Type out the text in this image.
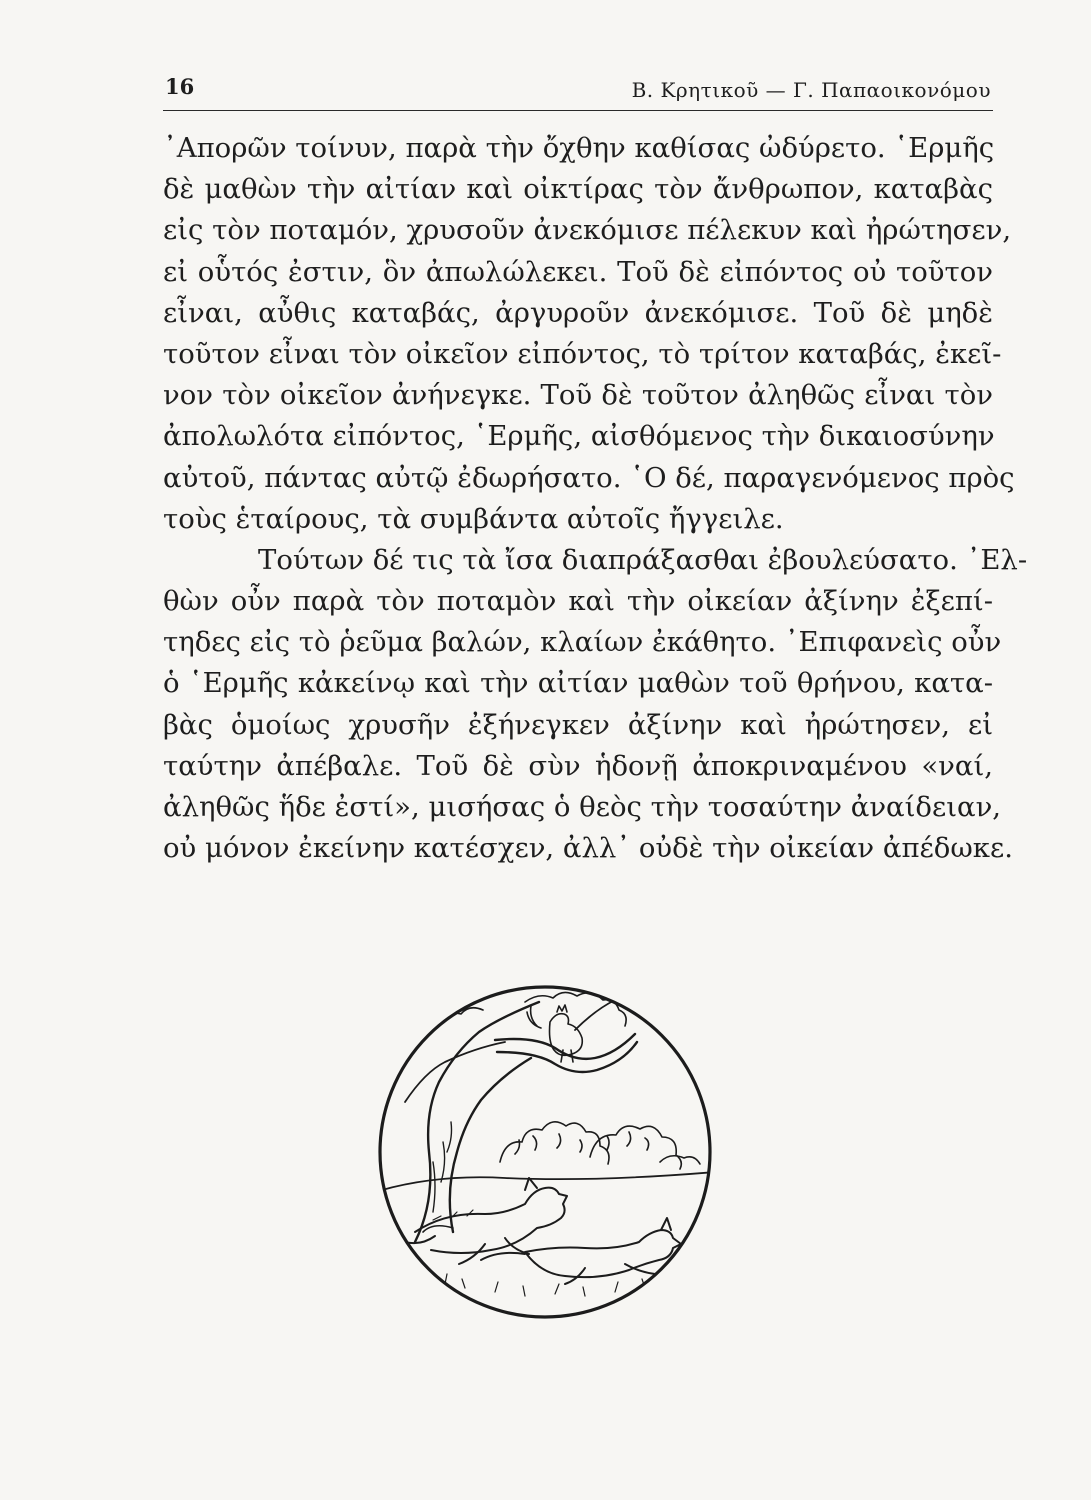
16	Β. Κρητικοῦ — Γ. Παπαοικονόμου
᾿Απορῶν τοίνυν, παρὰ τὴν ὄχθην καθίσας ὠδύρετο. ῾Ερμῆς
δὲ μαθὼν τὴν αἰτίαν καὶ οἰκτίρας τὸν ἄνθρωπον, καταβὰς
εἰς τὸν ποταμόν, χρυσοῦν ἀνεκόμισε πέλεκυν καὶ ἠρώτησεν,
εἰ οὗτός ἐστιν, ὃν ἀπωλώλεκει. Τοῦ δὲ εἰπόντος οὐ τοῦτον
εἶναι, αὖθις καταβάς, ἀργυροῦν ἀνεκόμισε. Τοῦ δὲ μηδὲ
τοῦτον εἶναι τὸν οἰκεῖον εἰπόντος, τὸ τρίτον καταβάς, ἐκεῖ-
νον τὸν οἰκεῖον ἀνήνεγκε. Τοῦ δὲ τοῦτον ἀληθῶς εἶναι τὸν
ἀπολωλότα εἰπόντος, ῾Ερμῆς, αἰσθόμενος τὴν δικαιοσύνην
αὐτοῦ, πάντας αὐτῷ ἐδωρήσατο. ῾Ο δέ, παραγενόμενος πρὸς
τοὺς ἑταίρους, τὰ συμβάντα αὐτοῖς ἤγγειλε.
Τούτων δέ τις τὰ ἴσα διαπράξασθαι ἐβουλεύσατο. ᾿Ελ-
θὼν οὖν παρὰ τὸν ποταμὸν καὶ τὴν οἰκείαν ἀξίνην ἐξεπί-
τηδες εἰς τὸ ῥεῦμα βαλών, κλαίων ἐκάθητο. ᾿Επιφανεὶς οὖν
ὁ ῾Ερμῆς κἀκείνῳ καὶ τὴν αἰτίαν μαθὼν τοῦ θρήνου, κατα-
βὰς ὁμοίως χρυσῆν ἐξήνεγκεν ἀξίνην καὶ ἠρώτησεν, εἰ
ταύτην ἀπέβαλε. Τοῦ δὲ σὺν ἡδονῇ ἀποκριναμένου «ναί,
ἀληθῶς ἥδε ἐστί», μισήσας ὁ θεὸς τὴν τοσαύτην ἀναίδειαν,
οὐ μόνον ἐκείνην κατέσχεν, ἀλλ᾿ οὐδὲ τὴν οἰκείαν ἀπέδωκε.
